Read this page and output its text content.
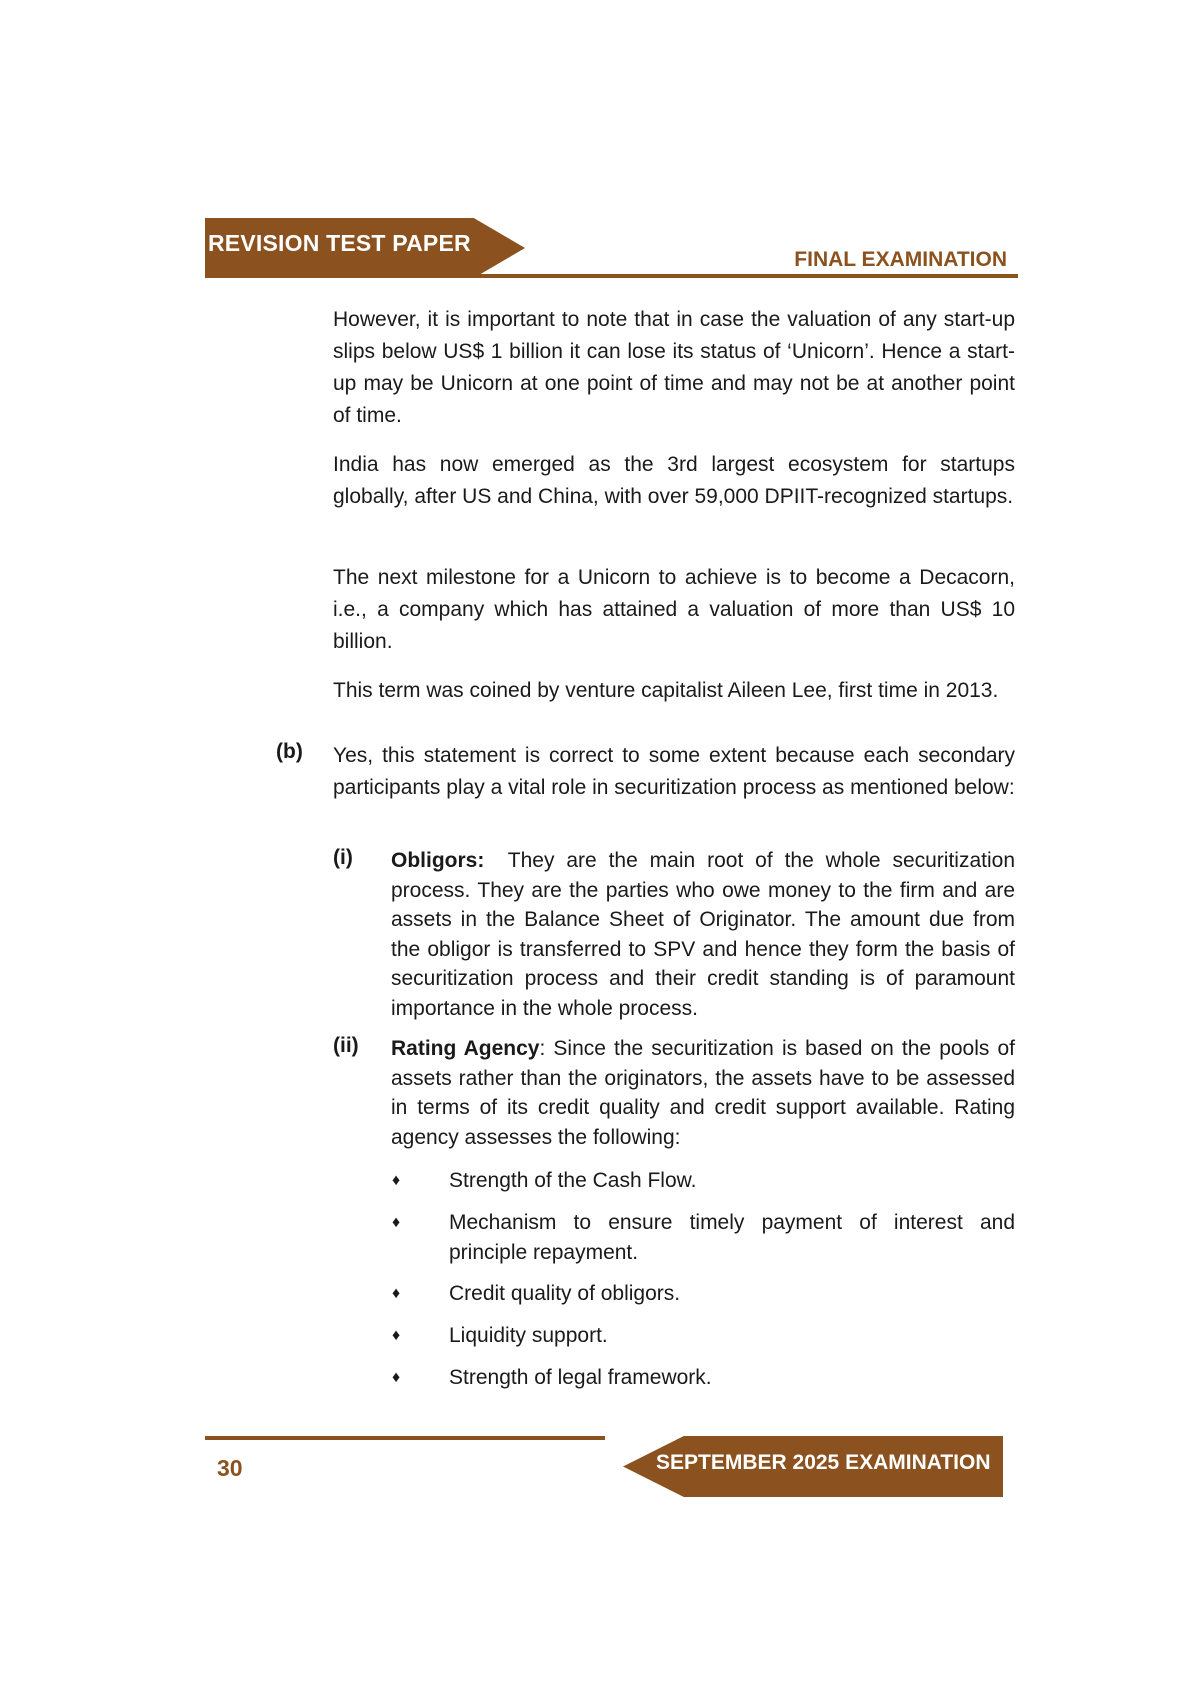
REVISION TEST PAPER
FINAL EXAMINATION
However, it is important to note that in case the valuation of any start-up slips below US$ 1 billion it can lose its status of ‘Unicorn’. Hence a start-up may be Unicorn at one point of time and may not be at another point of time.
India has now emerged as the 3rd largest ecosystem for startups globally, after US and China, with over 59,000 DPIIT-recognized startups.
The next milestone for a Unicorn to achieve is to become a Decacorn, i.e., a company which has attained a valuation of more than US$ 10 billion.
This term was coined by venture capitalist Aileen Lee, first time in 2013.
(b) Yes, this statement is correct to some extent because each secondary participants play a vital role in securitization process as mentioned below:
(i) Obligors: They are the main root of the whole securitization process. They are the parties who owe money to the firm and are assets in the Balance Sheet of Originator. The amount due from the obligor is transferred to SPV and hence they form the basis of securitization process and their credit standing is of paramount importance in the whole process.
(ii) Rating Agency: Since the securitization is based on the pools of assets rather than the originators, the assets have to be assessed in terms of its credit quality and credit support available. Rating agency assesses the following:
♦ Strength of the Cash Flow.
♦ Mechanism to ensure timely payment of interest and principle repayment.
♦ Credit quality of obligors.
♦ Liquidity support.
♦ Strength of legal framework.
30	SEPTEMBER 2025 EXAMINATION
